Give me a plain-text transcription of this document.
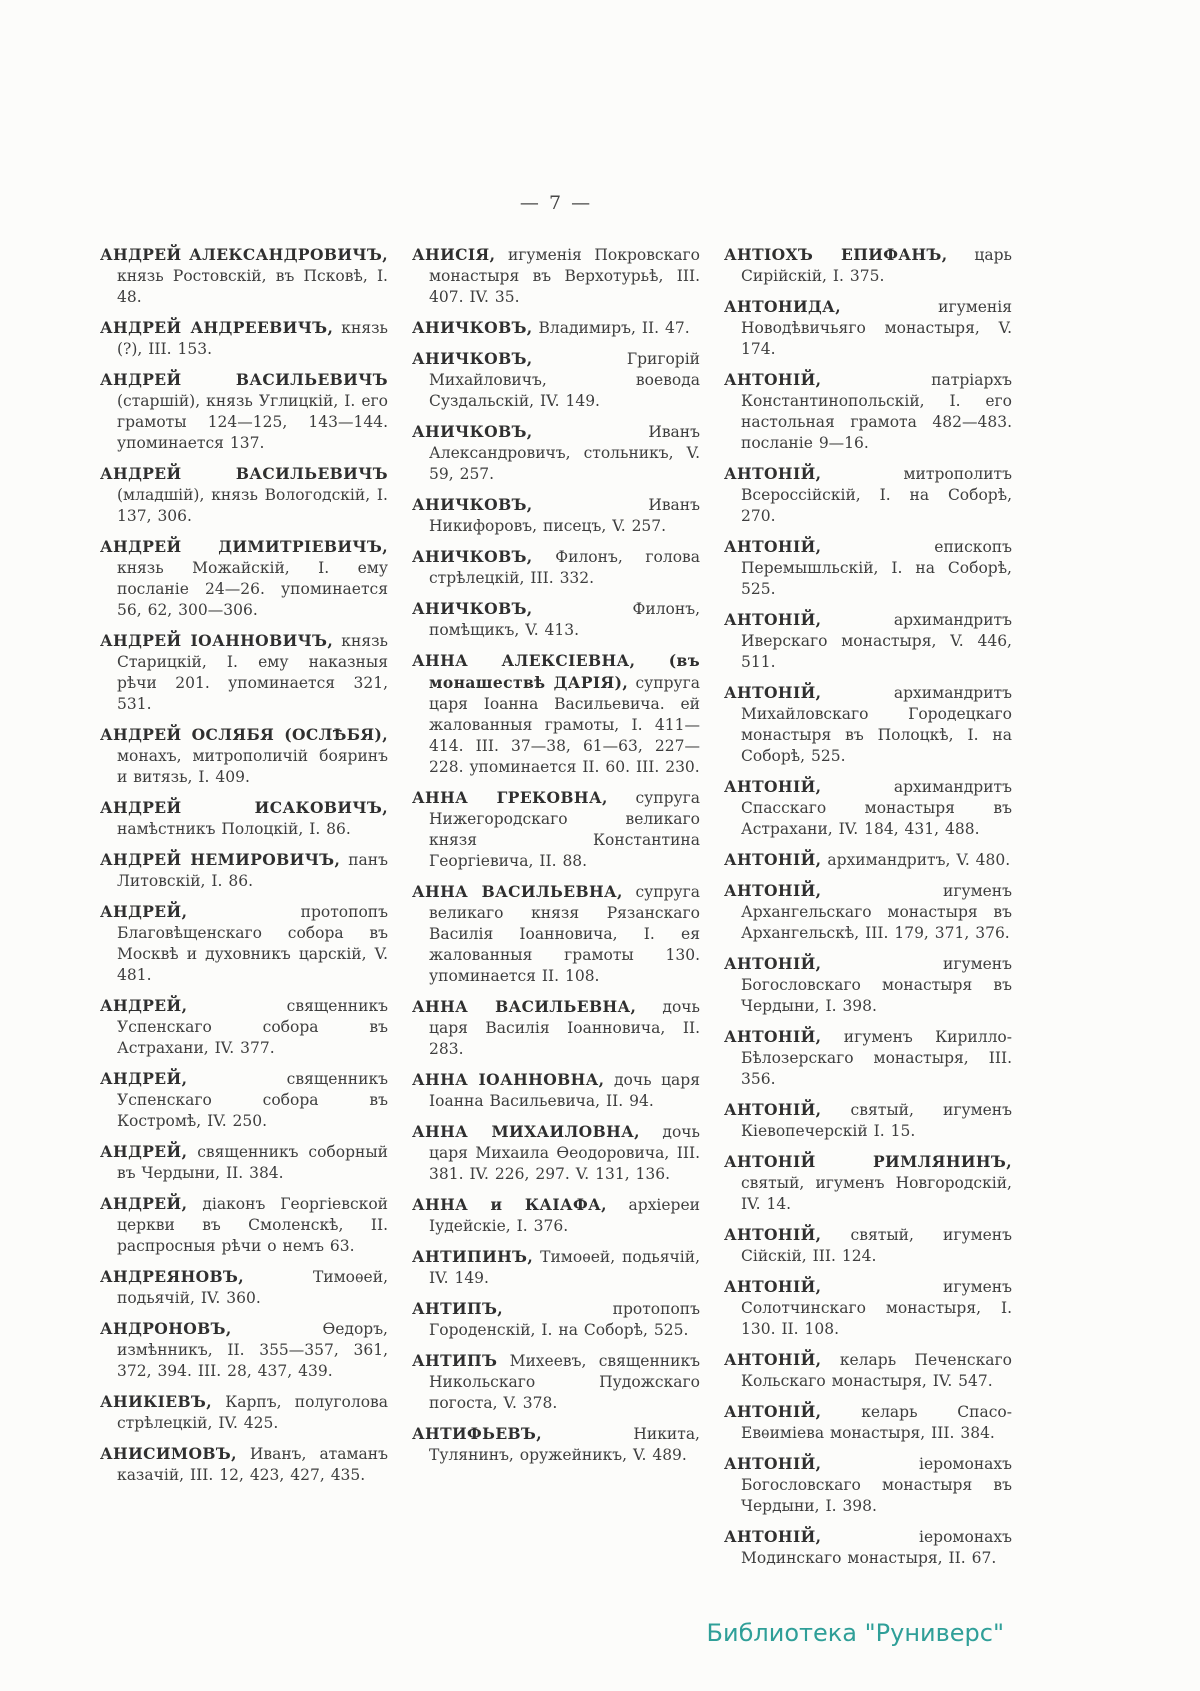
— 7 —

АНДРЕЙ АЛЕКСАНДРОВИЧЪ, князь Ростовскій, въ Псковѣ, I. 48.

АНДРЕЙ АНДРЕЕВИЧЪ, князь (?), III. 153.

АНДРЕЙ ВАСИЛЬЕВИЧЪ (старшій), князь Углицкій, I. его грамоты 124—125, 143—144. упоминается 137.

АНДРЕЙ ВАСИЛЬЕВИЧЪ (младшій), князь Вологодскій, I. 137, 306.

АНДРЕЙ ДИМИТРІЕВИЧЪ, князь Можайскій, I. ему посланіе 24—26. упоминается 56, 62, 300—306.

АНДРЕЙ ІОАННОВИЧЪ, князь Старицкій, I. ему наказныя рѣчи 201. упоминается 321, 531.

АНДРЕЙ ОСЛЯБЯ (ОСЛѢБЯ), монахъ, митрополичій бояринъ и витязь, I. 409.

АНДРЕЙ ИСАКОВИЧЪ, намѣстникъ Полоцкій, I. 86.

АНДРЕЙ НЕМИРОВИЧЪ, панъ Литовскій, I. 86.

АНДРЕЙ, протопопъ Благовѣщенскаго собора въ Москвѣ и духовникъ царскій, V. 481.

АНДРЕЙ, священникъ Успенскаго собора въ Астрахани, IV. 377.

АНДРЕЙ, священникъ Успенскаго собора въ Костромѣ, IV. 250.

АНДРЕЙ, священникъ соборный въ Чердыни, II. 384.

АНДРЕЙ, діаконъ Георгіевской церкви въ Смоленскѣ, II. распросныя рѣчи о немъ 63.

АНДРЕЯНОВЪ, Тимоѳей, подьячій, IV. 360.

АНДРОНОВЪ, Ѳедоръ, измѣнникъ, II. 355—357, 361, 372, 394. III. 28, 437, 439.

АНИКІЕВЪ, Карпъ, полуголова стрѣлецкій, IV. 425.

АНИСИМОВЪ, Иванъ, атаманъ казачій, III. 12, 423, 427, 435.

АНИСІЯ, игуменія Покровскаго монастыря въ Верхотурьѣ, III. 407. IV. 35.

АНИЧКОВЪ, Владимиръ, II. 47.

АНИЧКОВЪ, Григорій Михайловичъ, воевода Суздальскій, IV. 149.

АНИЧКОВЪ, Иванъ Александровичъ, стольникъ, V. 59, 257.

АНИЧКОВЪ, Иванъ Никифоровъ, писецъ, V. 257.

АНИЧКОВЪ, Филонъ, голова стрѣлецкій, III. 332.

АНИЧКОВЪ, Филонъ, помѣщикъ, V. 413.

АННА АЛЕКСІЕВНА, (въ монашествѣ ДАРІЯ), супруга царя Іоанна Васильевича. ей жалованныя грамоты, I. 411—414. III. 37—38, 61—63, 227—228. упоминается II. 60. III. 230.

АННА ГРЕКОВНА, супруга Нижегородскаго великаго князя Константина Георгіевича, II. 88.

АННА ВАСИЛЬЕВНА, супруга великаго князя Рязанскаго Василія Іоанновича, I. ея жалованныя грамоты 130. упоминается II. 108.

АННА ВАСИЛЬЕВНА, дочь царя Василія Іоанновича, II. 283.

АННА ІОАННОВНА, дочь царя Іоанна Васильевича, II. 94.

АННА МИХАИЛОВНА, дочь царя Михаила Ѳеодоровича, III. 381. IV. 226, 297. V. 131, 136.

АННА и КАІАФА, архіереи Іудейскіе, I. 376.

АНТИПИНЪ, Тимоѳей, подьячій, IV. 149.

АНТИПЪ, протопопъ Городенскій, I. на Соборѣ, 525.

АНТИПЪ Михеевъ, священникъ Никольскаго Пудожскаго погоста, V. 378.

АНТИФЬЕВЪ, Никита, Тулянинъ, оружейникъ, V. 489.

АНТІОХЪ ЕПИФАНЪ, царь Сирійскій, I. 375.

АНТОНИДА, игуменія Новодѣвичьяго монастыря, V. 174.

АНТОНІЙ, патріархъ Константинопольскій, I. его настольная грамота 482—483. посланіе 9—16.

АНТОНІЙ, митрополитъ Всероссійскій, I. на Соборѣ, 270.

АНТОНІЙ, епископъ Перемышльскій, I. на Соборѣ, 525.

АНТОНІЙ, архимандритъ Иверскаго монастыря, V. 446, 511.

АНТОНІЙ, архимандритъ Михайловскаго Городецкаго монастыря въ Полоцкѣ, I. на Соборѣ, 525.

АНТОНІЙ, архимандритъ Спасскаго монастыря въ Астрахани, IV. 184, 431, 488.

АНТОНІЙ, архимандритъ, V. 480.

АНТОНІЙ, игуменъ Архангельскаго монастыря въ Архангельскѣ, III. 179, 371, 376.

АНТОНІЙ, игуменъ Богословскаго монастыря въ Чердыни, I. 398.

АНТОНІЙ, игуменъ Кирилло-Бѣлозерскаго монастыря, III. 356.

АНТОНІЙ, святый, игуменъ Кіевопечерскій I. 15.

АНТОНІЙ РИМЛЯНИНЪ, святый, игуменъ Новгородскій, IV. 14.

АНТОНІЙ, святый, игуменъ Сійскій, III. 124.

АНТОНІЙ, игуменъ Солотчинскаго монастыря, I. 130. II. 108.

АНТОНІЙ, келарь Печенскаго Кольскаго монастыря, IV. 547.

АНТОНІЙ, келарь Спасо-Евѳиміева монастыря, III. 384.

АНТОНІЙ, іеромонахъ Богословскаго монастыря въ Чердыни, I. 398.

АНТОНІЙ, іеромонахъ Модинскаго монастыря, II. 67.

Библиотека "Руниверс"
